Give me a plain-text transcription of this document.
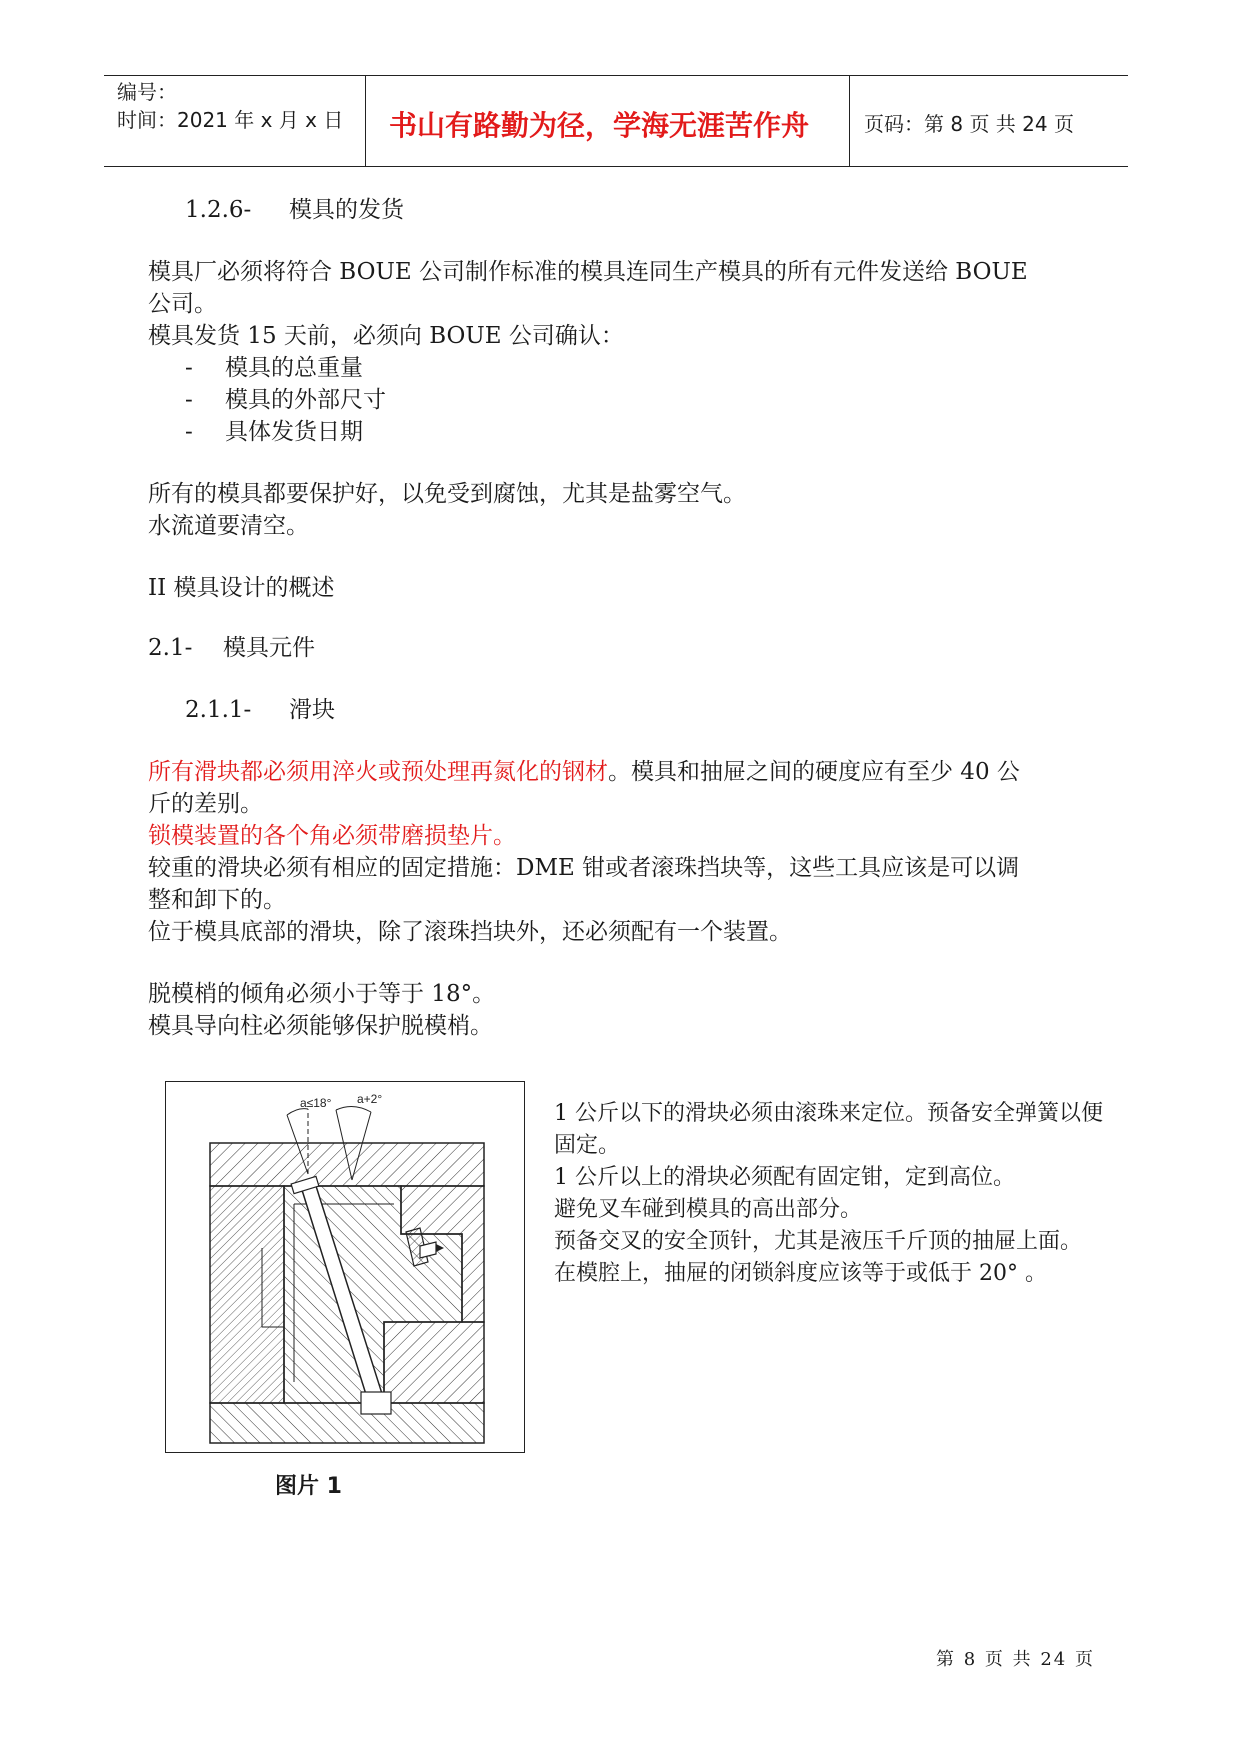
编号：
时间：2021 年 x 月 x 日 书山有路勤为径，学海无涯苦作舟	页码：第 8 页 共 24 页
1.2.6- 模具的发货
模具厂必须将符合 BOUE 公司制作标准的模具连同生产模具的所有元件发送给 BOUE
公司。
模具发货 15 天前，必须向 BOUE 公司确认：
- 模具的总重量
- 模具的外部尺寸
- 具体发货日期
所有的模具都要保护好，以免受到腐蚀，尤其是盐雾空气。
水流道要清空。
II 模具设计的概述
2.1- 模具元件
2.1.1- 滑块
所有滑块都必须用淬火或预处理再氮化的钢材。模具和抽屉之间的硬度应有至少 40 公
斤的差别。
锁模装置的各个角必须带磨损垫片。
较重的滑块必须有相应的固定措施：DME 钳或者滚珠挡块等，这些工具应该是可以调
整和卸下的。
位于模具底部的滑块，除了滚珠挡块外，还必须配有一个装置。
脱模梢的倾角必须小于等于 18°。
模具导向柱必须能够保护脱模梢。
a≤18° a+2°
图片 1
1 公斤以下的滑块必须由滚珠来定位。预备安全弹簧以便
固定。
1 公斤以上的滑块必须配有固定钳，定到高位。
避免叉车碰到模具的高出部分。
预备交叉的安全顶针，尤其是液压千斤顶的抽屉上面。
在模腔上，抽屉的闭锁斜度应该等于或低于 20° 。
第 8 页 共 24 页
